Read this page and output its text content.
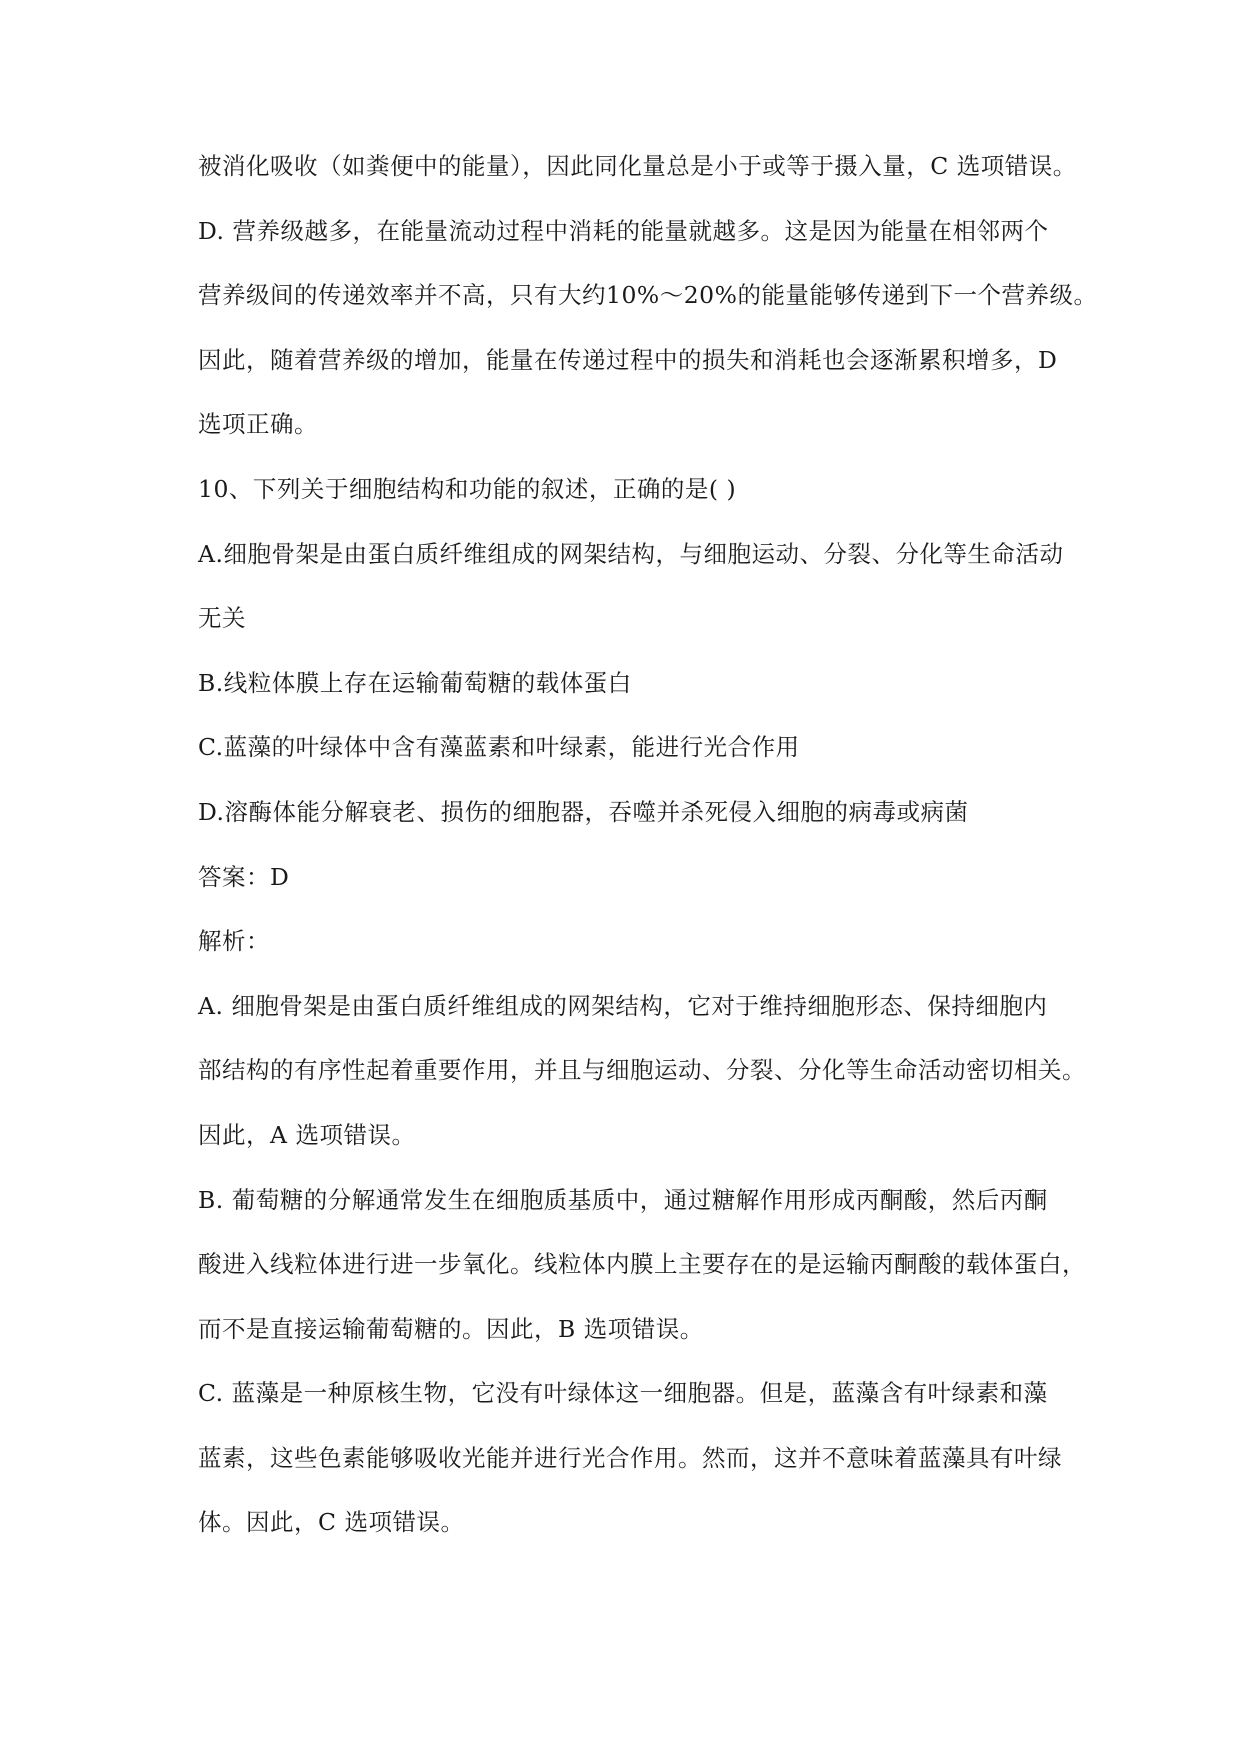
被消化吸收（如粪便中的能量），因此同化量总是小于或等于摄入量，C 选项错误。
D. 营养级越多，在能量流动过程中消耗的能量就越多。这是因为能量在相邻两个
营养级间的传递效率并不高，只有大约10%～20%的能量能够传递到下一个营养级。
因此，随着营养级的增加，能量在传递过程中的损失和消耗也会逐渐累积增多，D
选项正确。
10、下列关于细胞结构和功能的叙述，正确的是( )
A.细胞骨架是由蛋白质纤维组成的网架结构，与细胞运动、分裂、分化等生命活动
无关
B.线粒体膜上存在运输葡萄糖的载体蛋白
C.蓝藻的叶绿体中含有藻蓝素和叶绿素，能进行光合作用
D.溶酶体能分解衰老、损伤的细胞器，吞噬并杀死侵入细胞的病毒或病菌
答案：D
解析：
A. 细胞骨架是由蛋白质纤维组成的网架结构，它对于维持细胞形态、保持细胞内
部结构的有序性起着重要作用，并且与细胞运动、分裂、分化等生命活动密切相关。
因此，A 选项错误。
B. 葡萄糖的分解通常发生在细胞质基质中，通过糖解作用形成丙酮酸，然后丙酮
酸进入线粒体进行进一步氧化。线粒体内膜上主要存在的是运输丙酮酸的载体蛋白，
而不是直接运输葡萄糖的。因此，B 选项错误。
C. 蓝藻是一种原核生物，它没有叶绿体这一细胞器。但是，蓝藻含有叶绿素和藻
蓝素，这些色素能够吸收光能并进行光合作用。然而，这并不意味着蓝藻具有叶绿
体。因此，C 选项错误。
